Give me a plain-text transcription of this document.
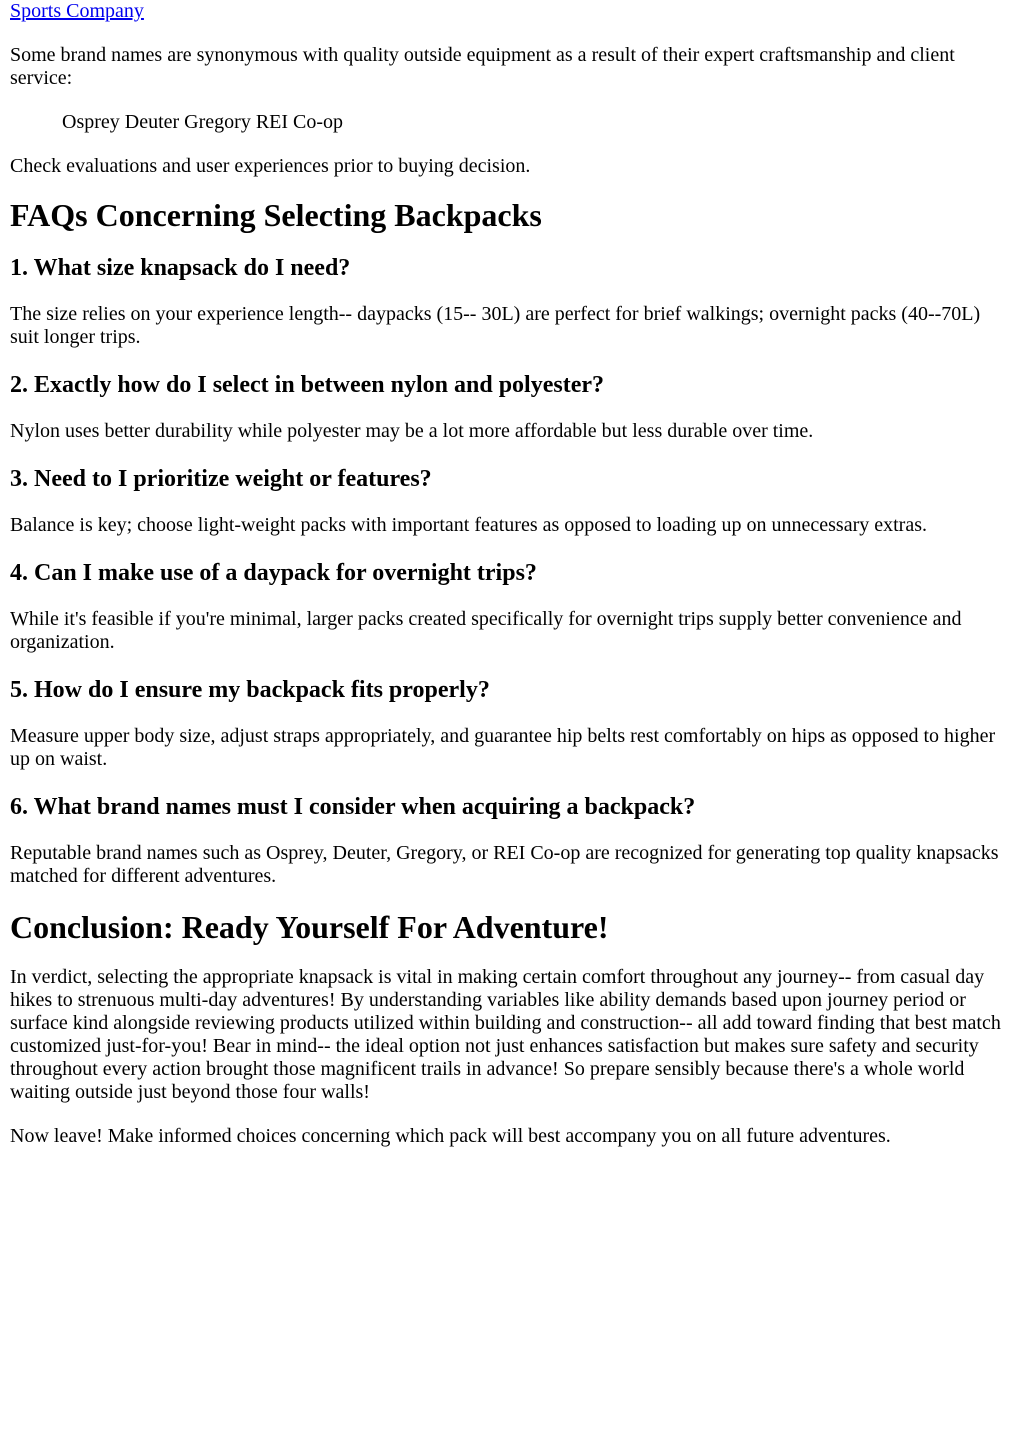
Sports Company

Some brand names are synonymous with quality outside equipment as a result of their expert craftsmanship and client service:

Osprey Deuter Gregory REI Co-op

Check evaluations and user experiences prior to buying decision.

FAQs Concerning Selecting Backpacks
1. What size knapsack do I need?

The size relies on your experience length-- daypacks (15-- 30L) are perfect for brief walkings; overnight packs (40--70L) suit longer trips.

2. Exactly how do I select in between nylon and polyester?

Nylon uses better durability while polyester may be a lot more affordable but less durable over time.

3. Need to I prioritize weight or features?

Balance is key; choose light-weight packs with important features as opposed to loading up on unnecessary extras.

4. Can I make use of a daypack for overnight trips?

While it's feasible if you're minimal, larger packs created specifically for overnight trips supply better convenience and organization.

5. How do I ensure my backpack fits properly?

Measure upper body size, adjust straps appropriately, and guarantee hip belts rest comfortably on hips as opposed to higher up on waist.

6. What brand names must I consider when acquiring a backpack?

Reputable brand names such as Osprey, Deuter, Gregory, or REI Co-op are recognized for generating top quality knapsacks matched for different adventures.

Conclusion: Ready Yourself For Adventure!

In verdict, selecting the appropriate knapsack is vital in making certain comfort throughout any journey-- from casual day hikes to strenuous multi-day adventures! By understanding variables like ability demands based upon journey period or surface kind alongside reviewing products utilized within building and construction-- all add toward finding that best match customized just-for-you! Bear in mind-- the ideal option not just enhances satisfaction but makes sure safety and security throughout every action brought those magnificent trails in advance! So prepare sensibly because there's a whole world waiting outside just beyond those four walls!

Now leave! Make informed choices concerning which pack will best accompany you on all future adventures.
